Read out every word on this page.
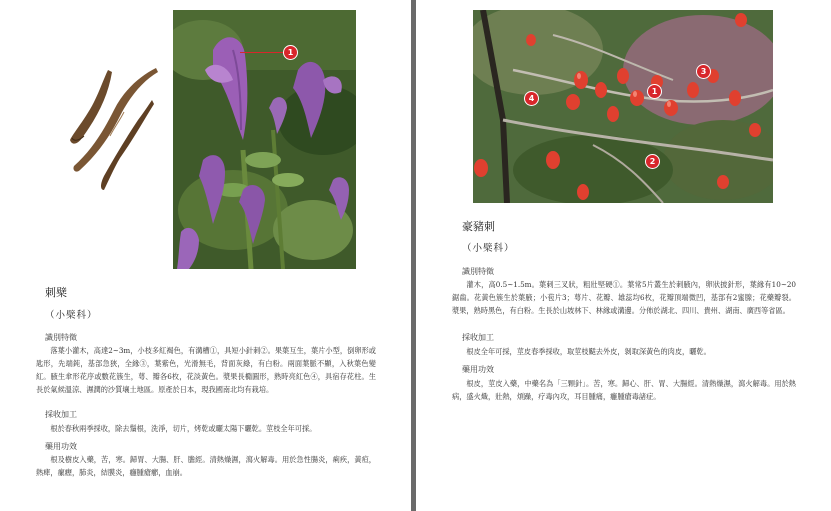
1
刺檗
（小檗科）
識別特徵
落葉小灌木，高達2~3m，小枝多紅褐色，有溝槽①，具短小針刺②。果葉互生，葉片小型，倒卵形或匙形，先端鈍，基部急狹，全緣③，葉紫色，光滑無毛，背面灰綠，有白粉。兩面葉脈不顯，入秋葉色變紅。腋生傘形花序或數花簇生，萼、瓣各6枚，花淡黃色。漿果長橢圓形，熟時亮紅色④，具宿存花柱。生長於氣候溫涼、濕潤的沙質壤土地區。原產於日本，現我國南北均有栽培。
採收加工
根於春秋兩季採收，除去鬚根，洗淨，切片，烤乾或曬太陽下曬乾。莖枝全年可採。
藥用功效
根及樹皮入藥，苦，寒。歸胃、大腸、肝、膽經。清熱燥濕，瀉火解毒。用於急性腸炎，痢疾，黃疸，熱痺，瘰癧，肺炎，結膜炎，癰腫瘡癤，血崩。
1
2
3
4
豪豬刺
（小檗科）
識別特徵
灌木，高0.5~1.5m。葉刺三叉狀，粗壯堅硬①。葉常5片叢生於刺腋內，卵狀披針形，葉緣有10~20鋸齒。花黃色簇生於葉腋；小苞片3；萼片、花瓣、雄蕊均6枚，花瓣頂端微凹，基部有2蜜腺；花藥瓣裂。漿果，熟時黑色，有白粉。生長於山坡林下、林緣或溝邊。分佈於湖北、四川、貴州、湖南、廣西等省區。
採收加工
根皮全年可採，莖皮春季採收，取莖枝颳去外皮，剝取深黃色的肉皮，曬乾。
藥用功效
根皮，莖皮入藥，中藥名為「三顆針」。苦，寒。歸心、肝、胃、大腸經。清熱燥濕，瀉火解毒。用於熱病，盛火熾，壯熱，煩躁，疗毒內攻，耳目腫痛，癰腫瘡毒諸症。
